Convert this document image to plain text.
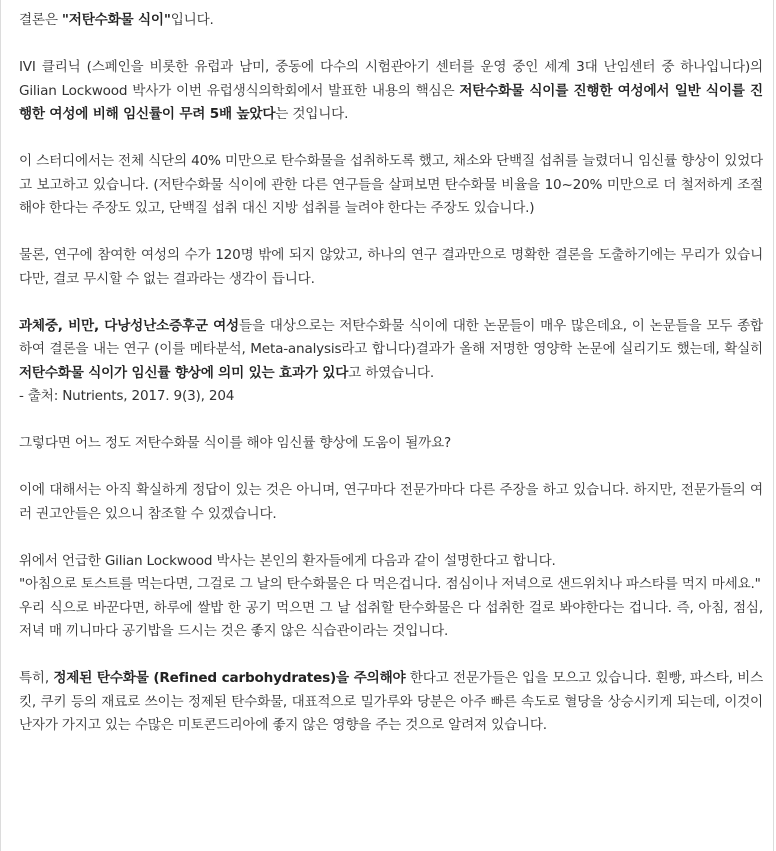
결론은 "저탄수화물 식이"입니다.

IVI 클리닉 (스페인을 비롯한 유럽과 남미, 중동에 다수의 시험관아기 센터를 운영 중인 세계 3대 난임센터 중 하나입니다)의 Gilian Lockwood 박사가 이번 유럽생식의학회에서 발표한 내용의 핵심은 저탄수화물 식이를 진행한 여성에서 일반 식이를 진행한 여성에 비해 임신률이 무려 5배 높았다는 것입니다.

이 스터디에서는 전체 식단의 40% 미만으로 탄수화물을 섭취하도록 했고, 채소와 단백질 섭취를 늘렸더니 임신률 향상이 있었다고 보고하고 있습니다. (저탄수화물 식이에 관한 다른 연구들을 살펴보면 탄수화물 비율을 10~20% 미만으로 더 철저하게 조절해야 한다는 주장도 있고, 단백질 섭취 대신 지방 섭취를 늘려야 한다는 주장도 있습니다.)

물론, 연구에 참여한 여성의 수가 120명 밖에 되지 않았고, 하나의 연구 결과만으로 명확한 결론을 도출하기에는 무리가 있습니다만, 결코 무시할 수 없는 결과라는 생각이 듭니다.

과체중, 비만, 다낭성난소증후군 여성들을 대상으로는 저탄수화물 식이에 대한 논문들이 매우 많은데요, 이 논문들을 모두 종합하여 결론을 내는 연구 (이를 메타분석, Meta-analysis라고 합니다)결과가 올해 저명한 영양학 논문에 실리기도 했는데, 확실히 저탄수화물 식이가 임신률 향상에 의미 있는 효과가 있다고 하였습니다.

- 출처: Nutrients, 2017. 9(3), 204

그렇다면 어느 정도 저탄수화물 식이를 해야 임신률 향상에 도움이 될까요?

이에 대해서는 아직 확실하게 정답이 있는 것은 아니며, 연구마다 전문가마다 다른 주장을 하고 있습니다. 하지만, 전문가들의 여러 권고안들은 있으니 참조할 수 있겠습니다.

위에서 언급한 Gilian Lockwood 박사는 본인의 환자들에게 다음과 같이 설명한다고 합니다.

"아침으로 토스트를 먹는다면, 그걸로 그 날의 탄수화물은 다 먹은겁니다. 점심이나 저녁으로 샌드위치나 파스타를 먹지 마세요."

우리 식으로 바꾼다면, 하루에 쌀밥 한 공기 먹으면 그 날 섭취할 탄수화물은 다 섭취한 걸로 봐야한다는 겁니다. 즉, 아침, 점심, 저녁 매 끼니마다 공기밥을 드시는 것은 좋지 않은 식습관이라는 것입니다.

특히, 정제된 탄수화물 (Refined carbohydrates)을 주의해야 한다고 전문가들은 입을 모으고 있습니다. 흰빵, 파스타, 비스킷, 쿠키 등의 재료로 쓰이는 정제된 탄수화물, 대표적으로 밀가루와 당분은 아주 빠른 속도로 혈당을 상승시키게 되는데, 이것이 난자가 가지고 있는 수많은 미토콘드리아에 좋지 않은 영향을 주는 것으로 알려져 있습니다.
